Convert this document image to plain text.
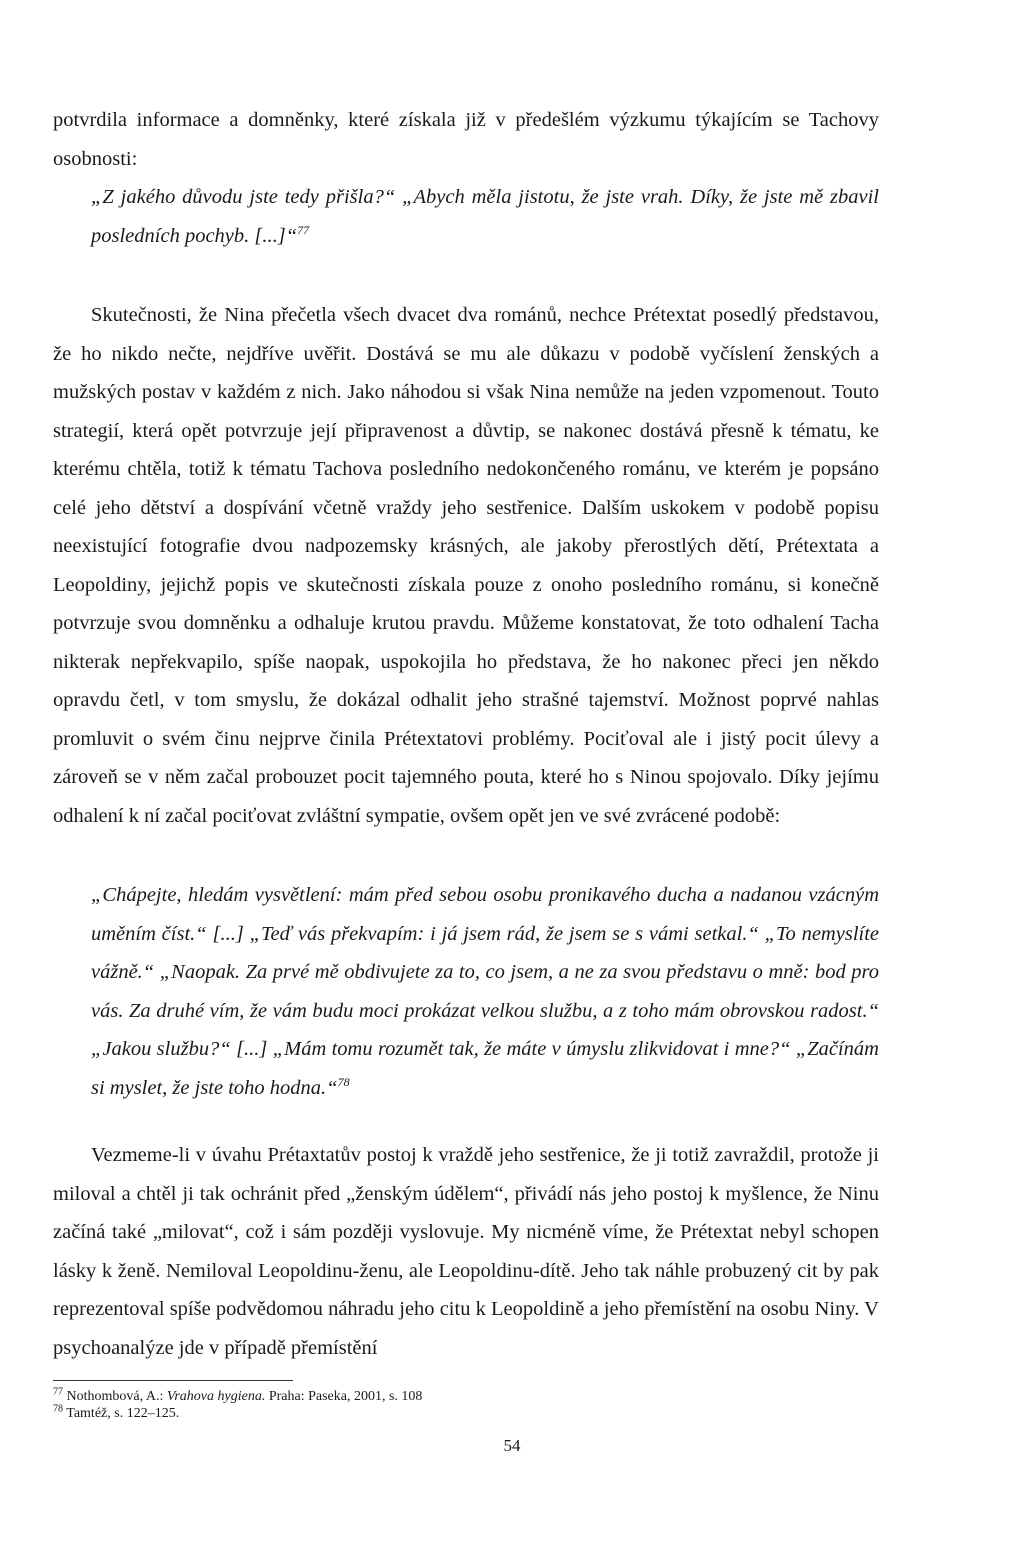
potvrdila informace a domněnky, které získala již v předešlém výzkumu týkajícím se Tachovy osobnosti:

„Z jakého důvodu jste tedy přišla?“ „Abych měla jistotu, že jste vrah. Díky, že jste mě zbavil posledních pochyb. [...]“$^{77}$

Skutečnosti, že Nina přečetla všech dvacet dva románů, nechce Prétextat posedlý představou, že ho nikdo nečte, nejdříve uvěřit. Dostává se mu ale důkazu v podobě vyčíslení ženských a mužských postav v každém z nich. Jako náhodou si však Nina nemůže na jeden vzpomenout. Touto strategií, která opět potvrzuje její připravenost a důvtip, se nakonec dostává přesně k tématu, ke kterému chtěla, totiž k tématu Tachova posledního nedokončeného románu, ve kterém je popsáno celé jeho dětství a dospívání včetně vraždy jeho sestřenice. Dalším uskokem v podobě popisu neexistující fotografie dvou nadpozemsky krásných, ale jakoby přerostlých dětí, Prétextata a Leopoldiny, jejichž popis ve skutečnosti získala pouze z onoho posledního románu, si konečně potvrzuje svou domněnku a odhaluje krutou pravdu. Můžeme konstatovat, že toto odhalení Tacha nikterak nepřekvapilo, spíše naopak, uspokojila ho představa, že ho nakonec přeci jen někdo opravdu četl, v tom smyslu, že dokázal odhalit jeho strašné tajemství. Možnost poprvé nahlas promluvit o svém činu nejprve činila Prétextatovi problémy. Pociťoval ale i jistý pocit úlevy a zároveň se v něm začal probouzet pocit tajemného pouta, které ho s Ninou spojovalo. Díky jejímu odhalení k ní začal pociťovat zvláštní sympatie, ovšem opět jen ve své zvrácené podobě:

„Chápejte, hledám vysvětlení: mám před sebou osobu pronikavého ducha a nadanou vzácným uměním číst.“ [...] „Teď vás překvapím: i já jsem rád, že jsem se s vámi setkal.“ „To nemyslíte vážně.“ „Naopak. Za prvé mě obdivujete za to, co jsem, a ne za svou představu o mně: bod pro vás. Za druhé vím, že vám budu moci prokázat velkou službu, a z toho mám obrovskou radost.“ „Jakou službu?“ [...] „Mám tomu rozumět tak, že máte v úmyslu zlikvidovat i mne?“ „Začínám si myslet, že jste toho hodna.“$^{78}$

Vezmeme-li v úvahu Prétaxtatův postoj k vraždě jeho sestřenice, že ji totiž zavraždil, protože ji miloval a chtěl ji tak ochránit před „ženským údělem“, přivádí nás jeho postoj k myšlence, že Ninu začíná také „milovat“, což i sám později vyslovuje. My nicméně víme, že Prétextat nebyl schopen lásky k ženě. Nemiloval Leopoldinu-ženu, ale Leopoldinu-dítě. Jeho tak náhle probuzený cit by pak reprezentoval spíše podvědomou náhradu jeho citu k Leopoldině a jeho přemístění na osobu Niny. V psychoanalýze jde v případě přemístění

$^{77}$ Nothombová, A.: Vrahova hygiena. Praha: Paseka, 2001, s. 108
$^{78}$ Tamtéž, s. 122–125.
54
